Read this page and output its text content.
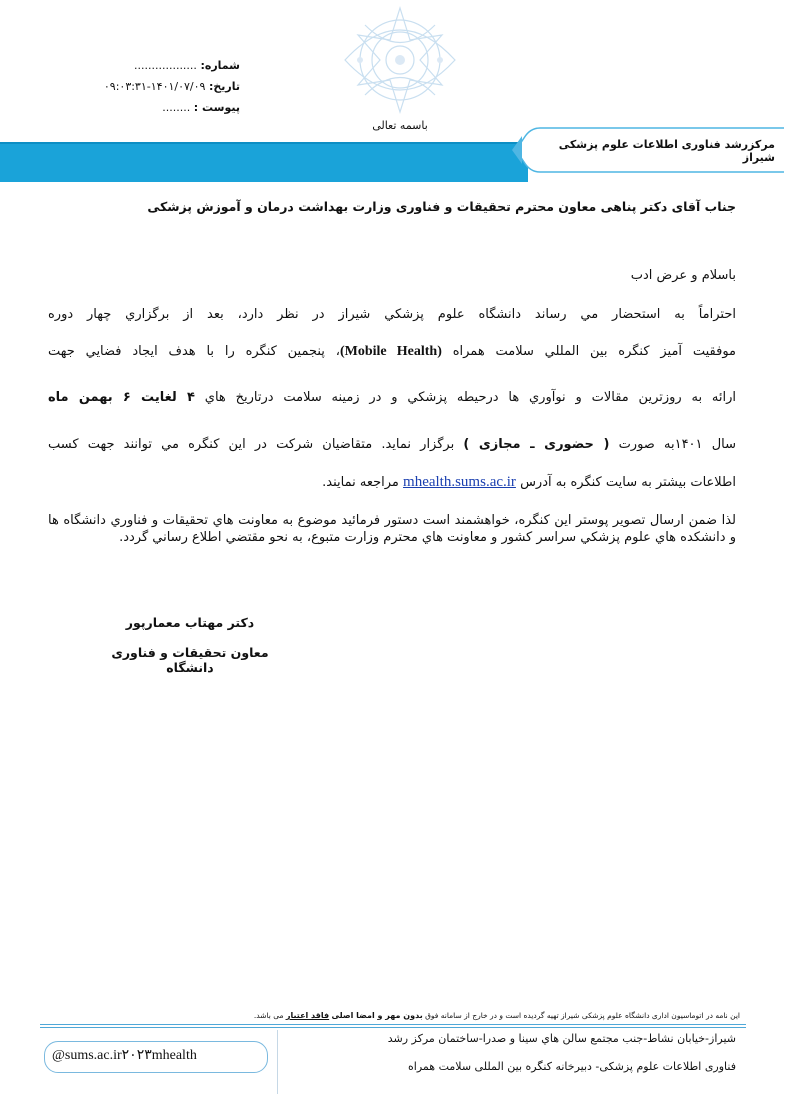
شماره: ..................
تاریخ: ۱۴۰۱/۰۷/۰۹-۰۹:۰۳:۳۱
پیوست : ........
باسمه تعالی
مرکزرشد فناوری اطلاعات علوم پزشکی شیراز
جناب آقای دکتر پناهی معاون محترم تحقیقات و فناوری وزارت بهداشت درمان و آموزش پزشکی
باسلام و عرض ادب
احتراماً به استحضار مي رساند دانشگاه علوم پزشكي شيراز در نظر دارد، بعد از برگزاري چهار دوره
موفقيت آميز كنگره بين المللي سلامت همراه (Mobile Health)، پنجمين كنگره را با هدف ايجاد فضايي جهت
ارائه به روزترين مقالات و نوآوري ها درحيطه پزشكي و در زمينه سلامت درتاريخ هاي ۴ لغایت ۶ بهمن ماه
سال ۱۴۰۱به صورت ( حضوری ـ مجازی ) برگزار نمايد. متقاضيان شركت در اين كنگره مي توانند جهت كسب
اطلاعات بيشتر به سايت كنگره به آدرس mhealth.sums.ac.ir مراجعه نمايند.
لذا ضمن ارسال تصوير پوستر اين كنگره، خواهشمند است دستور فرمائيد موضوع به معاونت هاي تحقيقات و فناوري دانشگاه ها و دانشكده هاي علوم پزشكي سراسر كشور و معاونت هاي محترم وزارت متبوع، به نحو مقتضي اطلاع رساني گردد.
دکتر مهتاب معمارپور
معاون تحقیقات و فناوری دانشگاه
این نامه در اتوماسیون اداری دانشگاه علوم پزشکی شیراز تهیه گردیده است و در خارج از سامانه فوق بدون مهر و امضا اصلی فاقد اعتبار می باشد.
شيراز-خيابان نشاط-جنب مجتمع سالن هاي سينا و صدرا-ساختمان مركز رشد
فناوری اطلاعات علوم پزشکی- دبیرخانه کنگره بین المللی سلامت همراه
@sums.ac.ir۲۰۲۳mhealth
